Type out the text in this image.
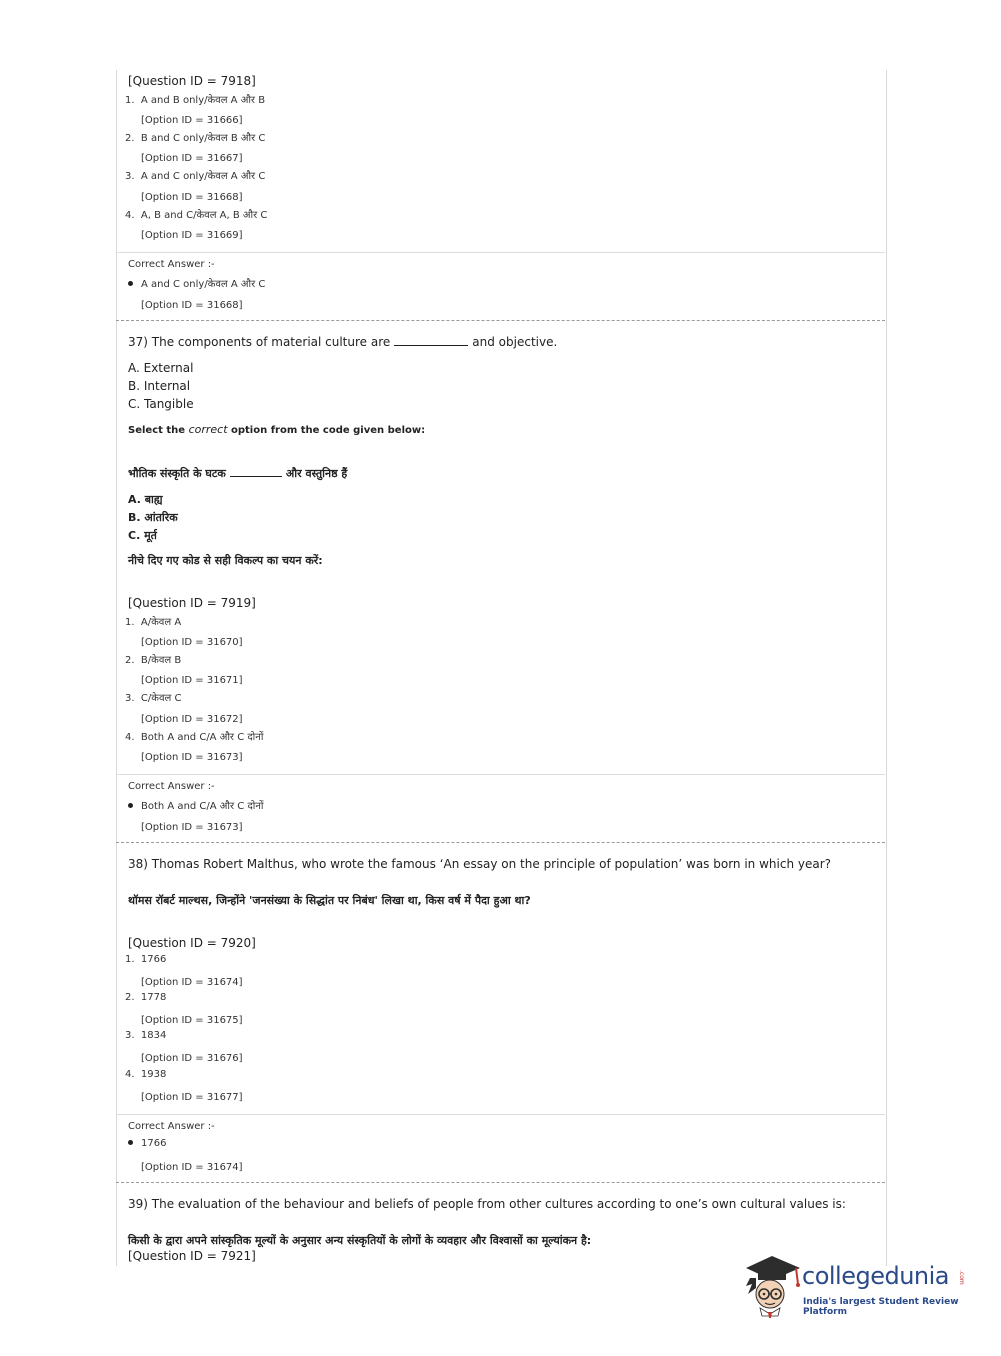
[Question ID = 7918]
1. A and B only/केवल A और B
[Option ID = 31666]
2. B and C only/केवल B और C
[Option ID = 31667]
3. A and C only/केवल A और C
[Option ID = 31668]
4. A, B and C/केवल A, B और C
[Option ID = 31669]
Correct Answer :-
A and C only/केवल A और C
[Option ID = 31668]
37) The components of material culture are	and objective.
A. External
B. Internal
C. Tangible
Select the correct option from the code given below:
भौतिक संस्कृति के घटक	और वस्तुनिष्ठ हैं
A. बाह्य
B. आंतरिक
C. मूर्त
नीचे दिए गए कोड से सही विकल्प का चयन करें:
[Question ID = 7919]
1. A/केवल A
[Option ID = 31670]
2. B/केवल B
[Option ID = 31671]
3. C/केवल C
[Option ID = 31672]
4. Both A and C/A और C दोनों
[Option ID = 31673]
Correct Answer :-
Both A and C/A और C दोनों
[Option ID = 31673]
38) Thomas Robert Malthus, who wrote the famous ‘An essay on the principle of population’ was born in which year?
थॉमस रॉबर्ट माल्थस, जिन्होंने 'जनसंख्या के सिद्धांत पर निबंध' लिखा था, किस वर्ष में पैदा हुआ था?
[Question ID = 7920]
1. 1766
[Option ID = 31674]
2. 1778
[Option ID = 31675]
3. 1834
[Option ID = 31676]
4. 1938
[Option ID = 31677]
Correct Answer :-
1766
[Option ID = 31674]
39) The evaluation of the behaviour and beliefs of people from other cultures according to one’s own cultural values is:
किसी के द्वारा अपने सांस्कृतिक मूल्यों के अनुसार अन्य संस्कृतियों के लोगों के व्यवहार और विश्वासों का मूल्यांकन है:
[Question ID = 7921]
collegedunia .com
India's largest Student Review Platform
